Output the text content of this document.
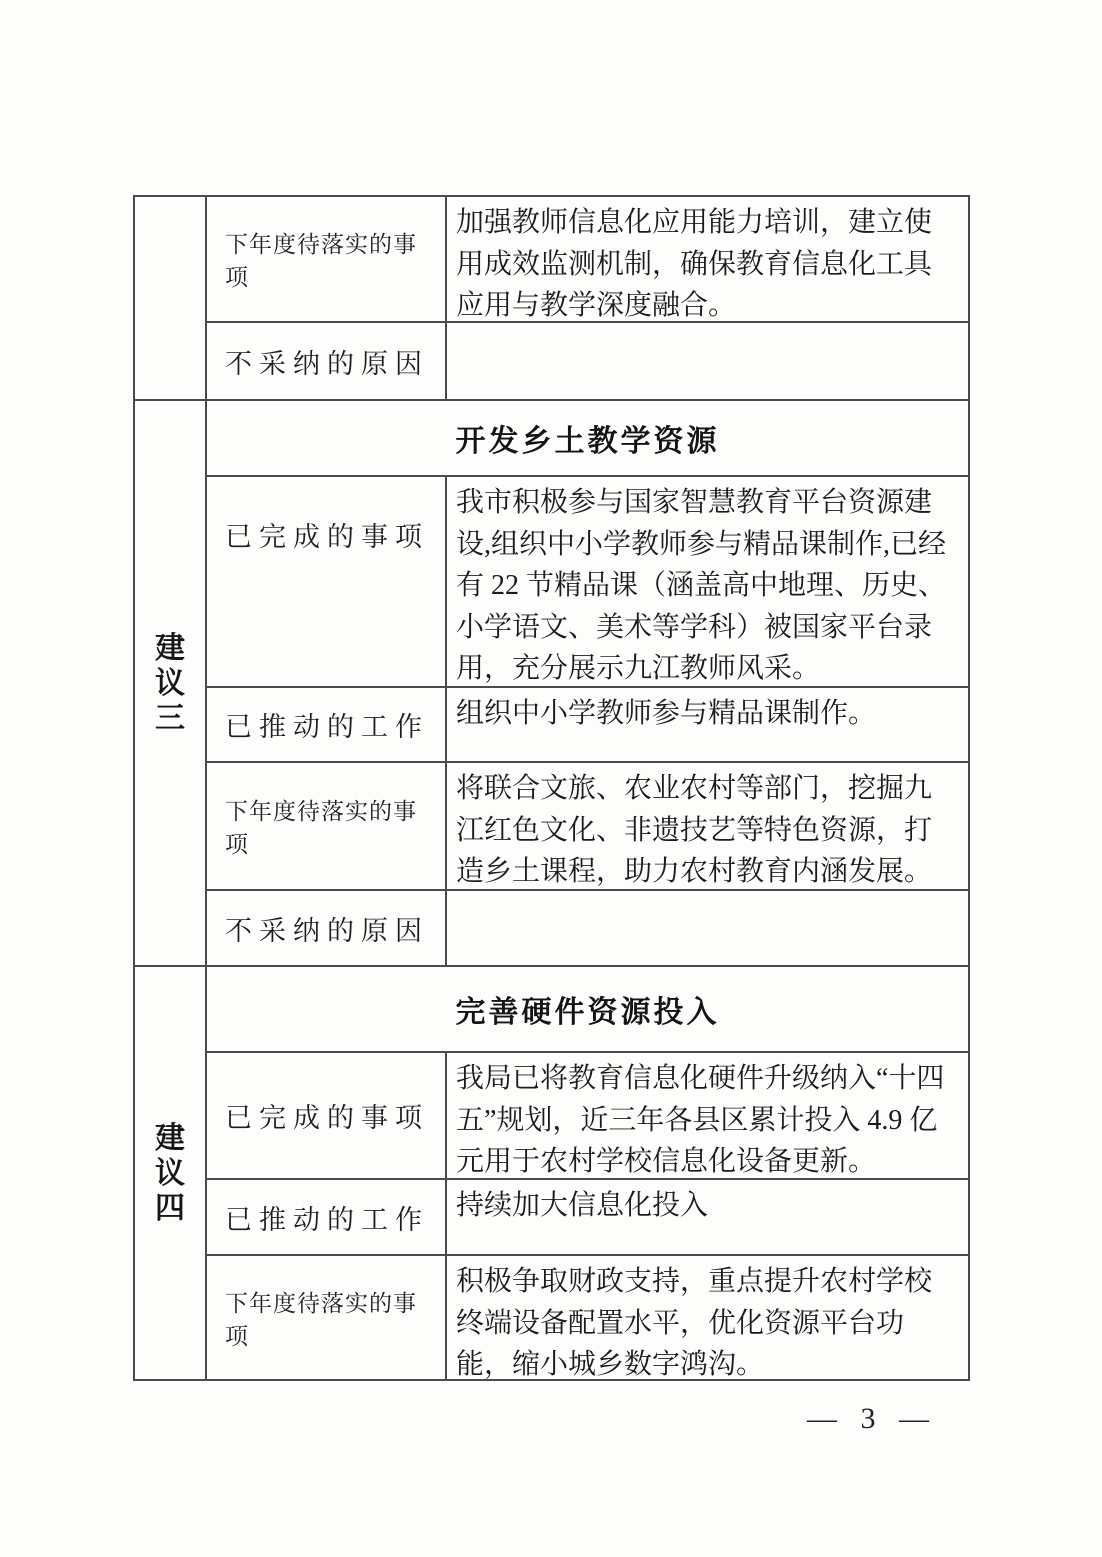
下年度待落实的事项
加强教师信息化应用能力培训，建立使用成效监测机制，确保教育信息化工具应用与教学深度融合。
不采纳的原因
建议三
开发乡土教学资源
已完成的事项
我市积极参与国家智慧教育平台资源建设,组织中小学教师参与精品课制作,已经有 22 节精品课（涵盖高中地理、历史、小学语文、美术等学科）被国家平台录用，充分展示九江教师风采。
已推动的工作 组织中小学教师参与精品课制作。
下年度待落实的事项
将联合文旅、农业农村等部门，挖掘九江红色文化、非遗技艺等特色资源，打造乡土课程，助力农村教育内涵发展。
不采纳的原因
建议四
完善硬件资源投入
已完成的事项
我局已将教育信息化硬件升级纳入“十四五”规划，近三年各县区累计投入 4.9 亿元用于农村学校信息化设备更新。
已推动的工作 持续加大信息化投入
下年度待落实的事项
积极争取财政支持，重点提升农村学校终端设备配置水平，优化资源平台功能，缩小城乡数字鸿沟。
— 3 —
